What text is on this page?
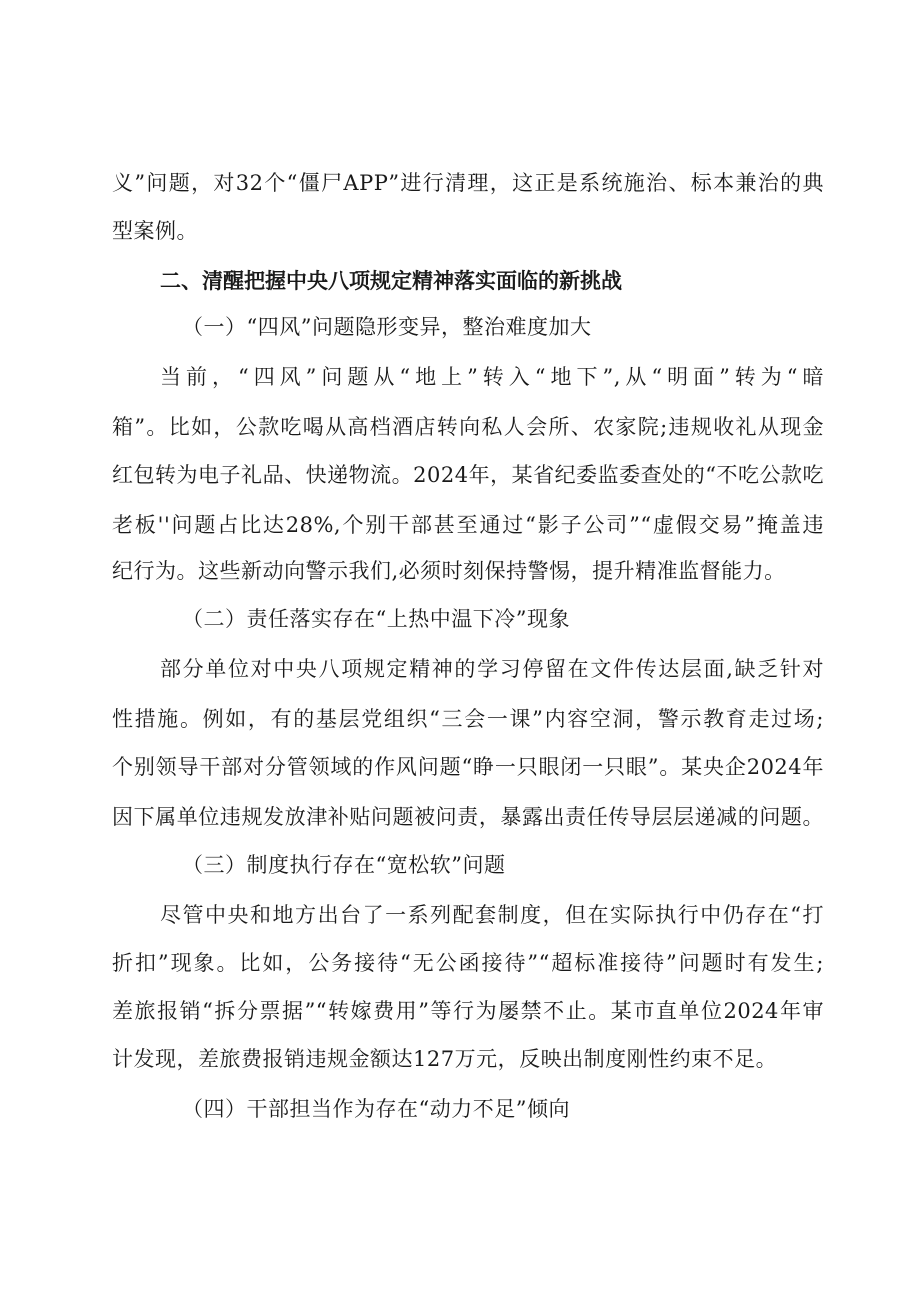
义”问题，对32个“僵尸APP”进行清理，这正是系统施治、标本兼治的典
型案例。
二、清醒把握中央八项规定精神落实面临的新挑战
（一）“四风”问题隐形变异，整治难度加大
当前，“四风”问题从“地上”转入“地下”,从“明面”转为“暗
箱”。比如，公款吃喝从高档酒店转向私人会所、农家院;违规收礼从现金
红包转为电子礼品、快递物流。2024年，某省纪委监委查处的“不吃公款吃
老板''问题占比达28%,个别干部甚至通过“影子公司”“虚假交易”掩盖违
纪行为。这些新动向警示我们,必须时刻保持警惕，提升精准监督能力。
（二）责任落实存在“上热中温下冷”现象
部分单位对中央八项规定精神的学习停留在文件传达层面,缺乏针对
性措施。例如，有的基层党组织“三会一课”内容空洞，警示教育走过场;
个别领导干部对分管领域的作风问题“睁一只眼闭一只眼”。某央企2024年
因下属单位违规发放津补贴问题被问责，暴露出责任传导层层递减的问题。
（三）制度执行存在“宽松软”问题
尽管中央和地方出台了一系列配套制度，但在实际执行中仍存在“打
折扣”现象。比如，公务接待“无公函接待”“超标准接待”问题时有发生;
差旅报销“拆分票据”“转嫁费用”等行为屡禁不止。某市直单位2024年审
计发现，差旅费报销违规金额达127万元，反映出制度刚性约束不足。
（四）干部担当作为存在“动力不足”倾向
